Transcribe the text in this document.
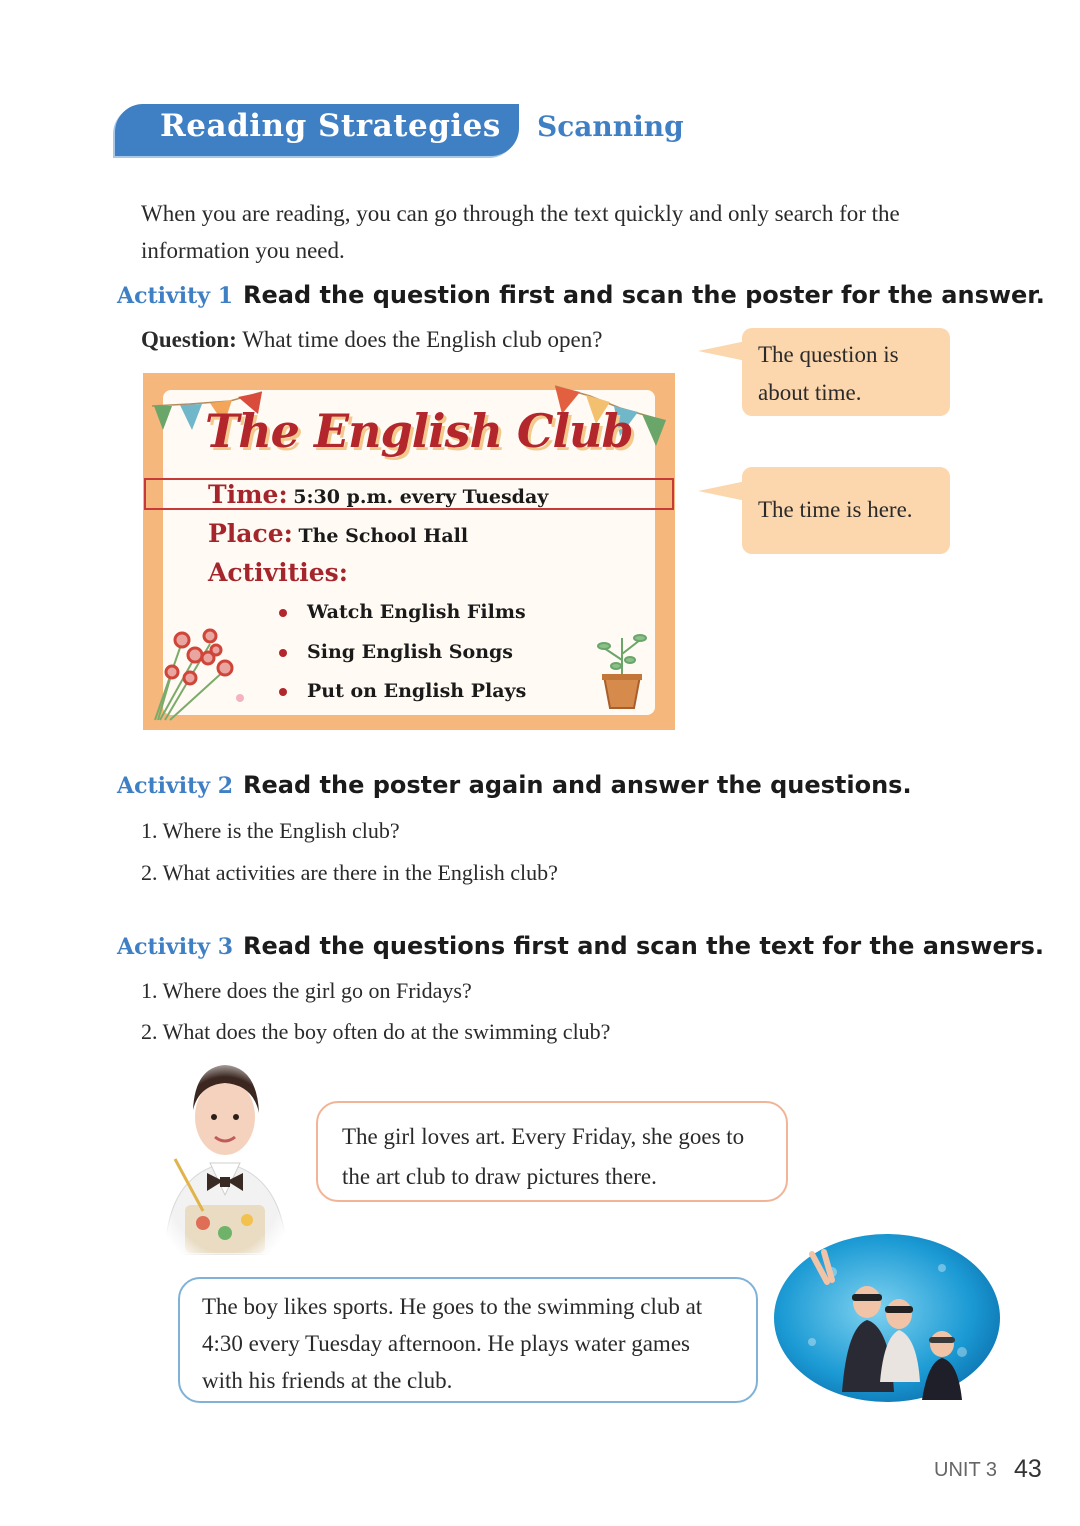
Reading Strategies Scanning
When you are reading, you can go through the text quickly and only search for the information you need.
Activity 1 Read the question first and scan the poster for the answer.
Question: What time does the English club open?
The question is about time.
The time is here.
The English Club
Time: 5:30 p.m. every Tuesday
Place: The School Hall
Activities:
Watch English Films
Sing English Songs
Put on English Plays
Activity 2 Read the poster again and answer the questions.
1. Where is the English club?
2. What activities are there in the English club?
Activity 3 Read the questions first and scan the text for the answers.
1. Where does the girl go on Fridays?
2. What does the boy often do at the swimming club?
The girl loves art. Every Friday, she goes to the art club to draw pictures there.
The boy likes sports. He goes to the swimming club at 4:30 every Tuesday afternoon. He plays water games with his friends at the club.
UNIT 3 43
